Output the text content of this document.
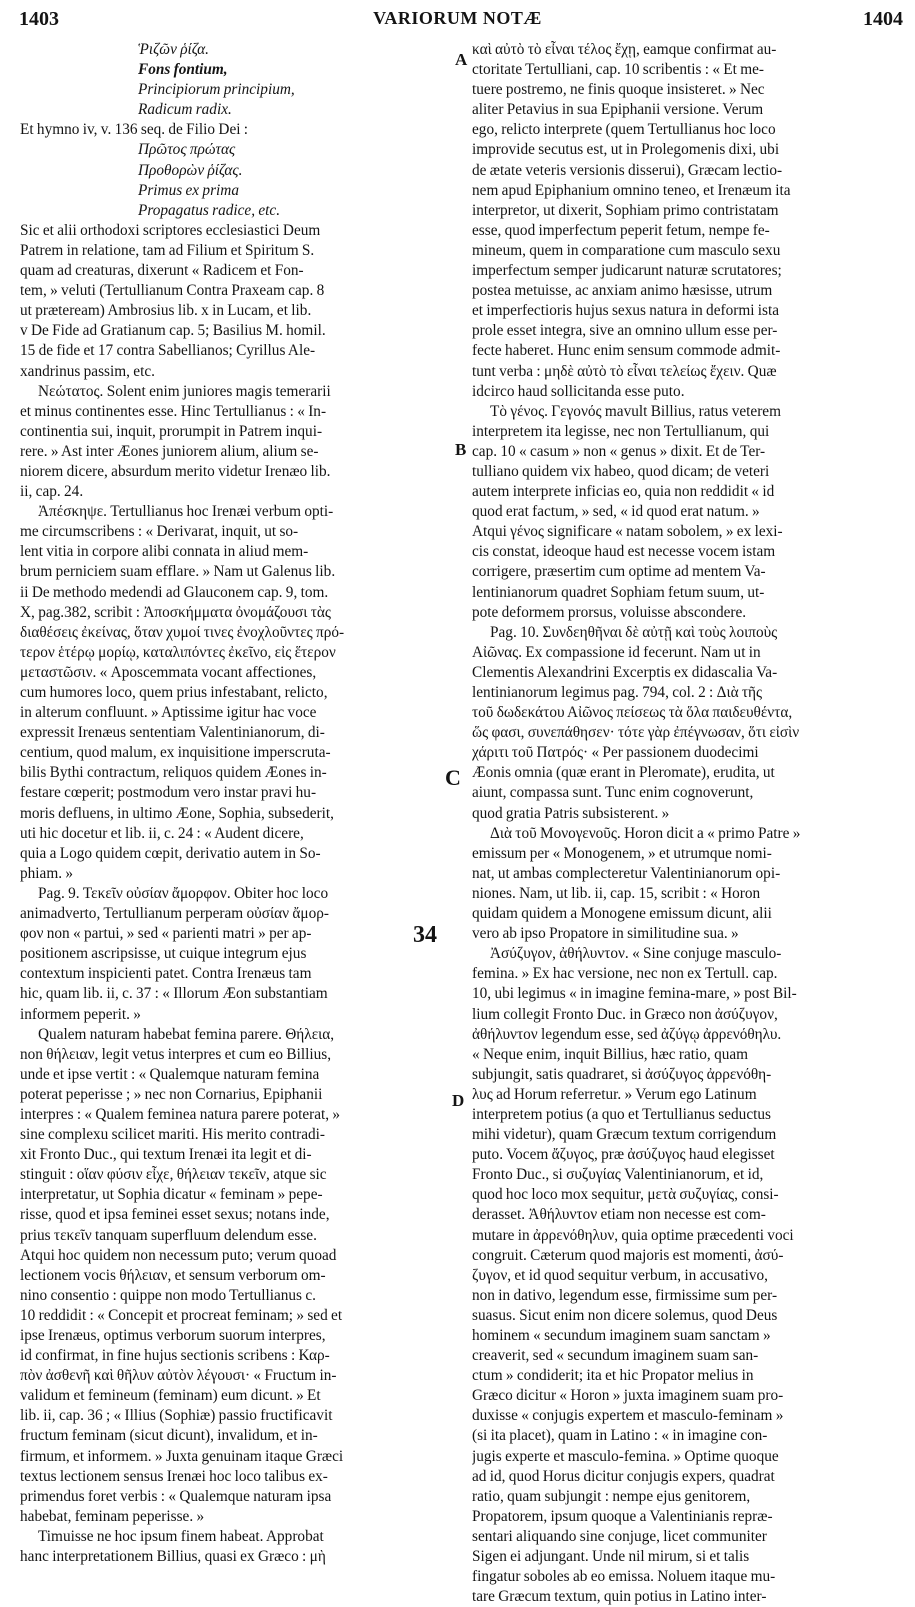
1403	VARIORUM NOTÆ	1404
A
B
C
D
34
Ῥιζῶν ῥίζα.
Fons fontium,
Principiorum principium,
Radicum radix.
Et hymno iv, v. 136 seq. de Filio Dei :
Πρῶτος πρώτας
Προθορὼν ῥίζας.
Primus ex prima
Propagatus radice, etc.
Sic et alii orthodoxi scriptores ecclesiastici Deum
Patrem in relatione, tam ad Filium et Spiritum S.
quam ad creaturas, dixerunt « Radicem et Fon-
tem, » veluti (Tertullianum Contra Praxeam cap. 8
ut præteream) Ambrosius lib. x in Lucam, et lib.
v De Fide ad Gratianum cap. 5; Basilius M. homil.
15 de fide et 17 contra Sabellianos; Cyrillus Ale-
xandrinus passim, etc.
Νεώτατος. Solent enim juniores magis temerarii
et minus continentes esse. Hinc Tertullianus : « In-
continentia sui, inquit, prorumpit in Patrem inqui-
rere. » Ast inter Æones juniorem alium, alium se-
niorem dicere, absurdum merito videtur Irenæo lib.
ii, cap. 24.
Ἀπέσκηψε. Tertullianus hoc Irenæi verbum opti-
me circumscribens : « Derivarat, inquit, ut so-
lent vitia in corpore alibi connata in aliud mem-
brum perniciem suam efflare. » Nam ut Galenus lib.
ii De methodo medendi ad Glauconem cap. 9, tom.
X, pag.382, scribit : Ἀποσκήμματα ὀνομάζουσι τὰς
διαθέσεις ἐκείνας, ὅταν χυμοί τινες ἐνοχλοῦντες πρό-
τερον ἑτέρῳ μορίῳ, καταλιπόντες ἐκεῖνο, εἰς ἕτερον
μεταστῶσιν. « Aposcemmata vocant affectiones,
cum humores loco, quem prius infestabant, relicto,
in alterum confluunt. » Aptissime igitur hac voce
expressit Irenæus sententiam Valentinianorum, di-
centium, quod malum, ex inquisitione imperscruta-
bilis Bythi contractum, reliquos quidem Æones in-
festare cœperit; postmodum vero instar pravi hu-
moris defluens, in ultimo Æone, Sophia, subsederit,
uti hic docetur et lib. ii, c. 24 : « Audent dicere,
quia a Logo quidem cœpit, derivatio autem in So-
phiam. »
Pag. 9. Τεκεῖν οὐσίαν ἄμορφον. Obiter hoc loco
animadverto, Tertullianum perperam οὐσίαν ἄμορ-
φον non « partui, » sed « parienti matri » per ap-
positionem ascripsisse, ut cuique integrum ejus
contextum inspicienti patet. Contra Irenæus tam
hic, quam lib. ii, c. 37 : « Illorum Æon substantiam
informem peperit. »
Qualem naturam habebat femina parere. Θήλεια,
non θήλειαν, legit vetus interpres et cum eo Billius,
unde et ipse vertit : « Qualemque naturam femina
poterat peperisse ; » nec non Cornarius, Epiphanii
interpres : « Qualem feminea natura parere poterat, »
sine complexu scilicet mariti. His merito contradi-
xit Fronto Duc., qui textum Irenæi ita legit et di-
stinguit : οἵαν φύσιν εἶχε, θήλειαν τεκεῖν, atque sic
interpretatur, ut Sophia dicatur « feminam » pepe-
risse, quod et ipsa feminei esset sexus; notans inde,
prius τεκεῖν tanquam superfluum delendum esse.
Atqui hoc quidem non necessum puto; verum quoad
lectionem vocis θήλειαν, et sensum verborum om-
nino consentio : quippe non modo Tertullianus c.
10 reddidit : « Concepit et procreat feminam; » sed et
ipse Irenæus, optimus verborum suorum interpres,
id confirmat, in fine hujus sectionis scribens : Καρ-
πὸν ἀσθενῆ καὶ θῆλυν αὐτὸν λέγουσι· « Fructum in-
validum et femineum (feminam) eum dicunt. » Et
lib. ii, cap. 36 ; « Illius (Sophiæ) passio fructificavit
fructum feminam (sicut dicunt), invalidum, et in-
firmum, et informem. » Juxta genuinam itaque Græci
textus lectionem sensus Irenæi hoc loco talibus ex-
primendus foret verbis : « Qualemque naturam ipsa
habebat, feminam peperisse. »
Timuisse ne hoc ipsum finem habeat. Approbat
hanc interpretationem Billius, quasi ex Græco : μὴ
καὶ αὐτὸ τὸ εἶναι τέλος ἔχῃ, eamque confirmat au-
ctoritate Tertulliani, cap. 10 scribentis : « Et me-
tuere postremo, ne finis quoque insisteret. » Nec
aliter Petavius in sua Epiphanii versione. Verum
ego, relicto interprete (quem Tertullianus hoc loco
improvide secutus est, ut in Prolegomenis dixi, ubi
de ætate veteris versionis disserui), Græcam lectio-
nem apud Epiphanium omnino teneo, et Irenæum ita
interpretor, ut dixerit, Sophiam primo contristatam
esse, quod imperfectum peperit fetum, nempe fe-
mineum, quem in comparatione cum masculo sexu
imperfectum semper judicarunt naturæ scrutatores;
postea metuisse, ac anxiam animo hæsisse, utrum
et imperfectioris hujus sexus natura in deformi ista
prole esset integra, sive an omnino ullum esse per-
fecte haberet. Hunc enim sensum commode admit-
tunt verba : μηδὲ αὐτὸ τὸ εἶναι τελείως ἔχειν. Quæ
idcirco haud sollicitanda esse puto.
Τὸ γένος. Γεγονός mavult Billius, ratus veterem
interpretem ita legisse, nec non Tertullianum, qui
cap. 10 « casum » non « genus » dixit. Et de Ter-
tulliano quidem vix habeo, quod dicam; de veteri
autem interprete inficias eo, quia non reddidit « id
quod erat factum, » sed, « id quod erat natum. »
Atqui γένος significare « natam sobolem, » ex lexi-
cis constat, ideoque haud est necesse vocem istam
corrigere, præsertim cum optime ad mentem Va-
lentinianorum quadret Sophiam fetum suum, ut-
pote deformem prorsus, voluisse abscondere.
Pag. 10. Συνδεηθῆναι δὲ αὐτῇ καὶ τοὺς λοιποὺς
Αἰῶνας. Ex compassione id fecerunt. Nam ut in
Clementis Alexandrini Excerptis ex didascalia Va-
lentinianorum legimus pag. 794, col. 2 : Διὰ τῆς
τοῦ δωδεκάτου Αἰῶνος πείσεως τὰ ὅλα παιδευθέντα,
ὥς φασι, συνεπάθησεν· τότε γὰρ ἐπέγνωσαν, ὅτι εἰσὶν
χάριτι τοῦ Πατρός· « Per passionem duodecimi
Æonis omnia (quæ erant in Pleromate), erudita, ut
aiunt, compassa sunt. Tunc enim cognoverunt,
quod gratia Patris subsisterent. »
Διὰ τοῦ Μονογενοῦς. Horon dicit a « primo Patre »
emissum per « Monogenem, » et utrumque nomi-
nat, ut ambas complecteretur Valentinianorum opi-
niones. Nam, ut lib. ii, cap. 15, scribit : « Horon
quidam quidem a Monogene emissum dicunt, alii
vero ab ipso Propatore in similitudine sua. »
Ἀσύζυγον, ἀθήλυντον. « Sine conjuge masculo-
femina. » Ex hac versione, nec non ex Tertull. cap.
10, ubi legimus « in imagine femina-mare, » post Bil-
lium collegit Fronto Duc. in Græco non ἀσύζυγον,
ἀθήλυντον legendum esse, sed ἀζύγῳ ἀρρενόθηλυ.
« Neque enim, inquit Billius, hæc ratio, quam
subjungit, satis quadraret, si ἀσύζυγος ἀρρενόθη-
λυς ad Horum referretur. » Verum ego Latinum
interpretem potius (a quo et Tertullianus seductus
mihi videtur), quam Græcum textum corrigendum
puto. Vocem ἄζυγος, præ ἀσύζυγος haud elegisset
Fronto Duc., si συζυγίας Valentinianorum, et id,
quod hoc loco mox sequitur, μετὰ συζυγίας, consi-
derasset. Ἀθήλυντον etiam non necesse est com-
mutare in ἀρρενόθηλυν, quia optime præcedenti voci
congruit. Cæterum quod majoris est momenti, ἀσύ-
ζυγον, et id quod sequitur verbum, in accusativo,
non in dativo, legendum esse, firmissime sum per-
suasus. Sicut enim non dicere solemus, quod Deus
hominem « secundum imaginem suam sanctam »
creaverit, sed « secundum imaginem suam san-
ctum » condiderit; ita et hic Propator melius in
Græco dicitur « Horon » juxta imaginem suam pro-
duxisse « conjugis expertem et masculo-feminam »
(si ita placet), quam in Latino : « in imagine con-
jugis experte et masculo-femina. » Optime quoque
ad id, quod Horus dicitur conjugis expers, quadrat
ratio, quam subjungit : nempe ejus genitorem,
Propatorem, ipsum quoque a Valentinianis repræ-
sentari aliquando sine conjuge, licet communiter
Sigen ei adjungant. Unde nil mirum, si et talis
fingatur soboles ab eo emissa. Noluem itaque mu-
tare Græcum textum, quin potius in Latino inter-
